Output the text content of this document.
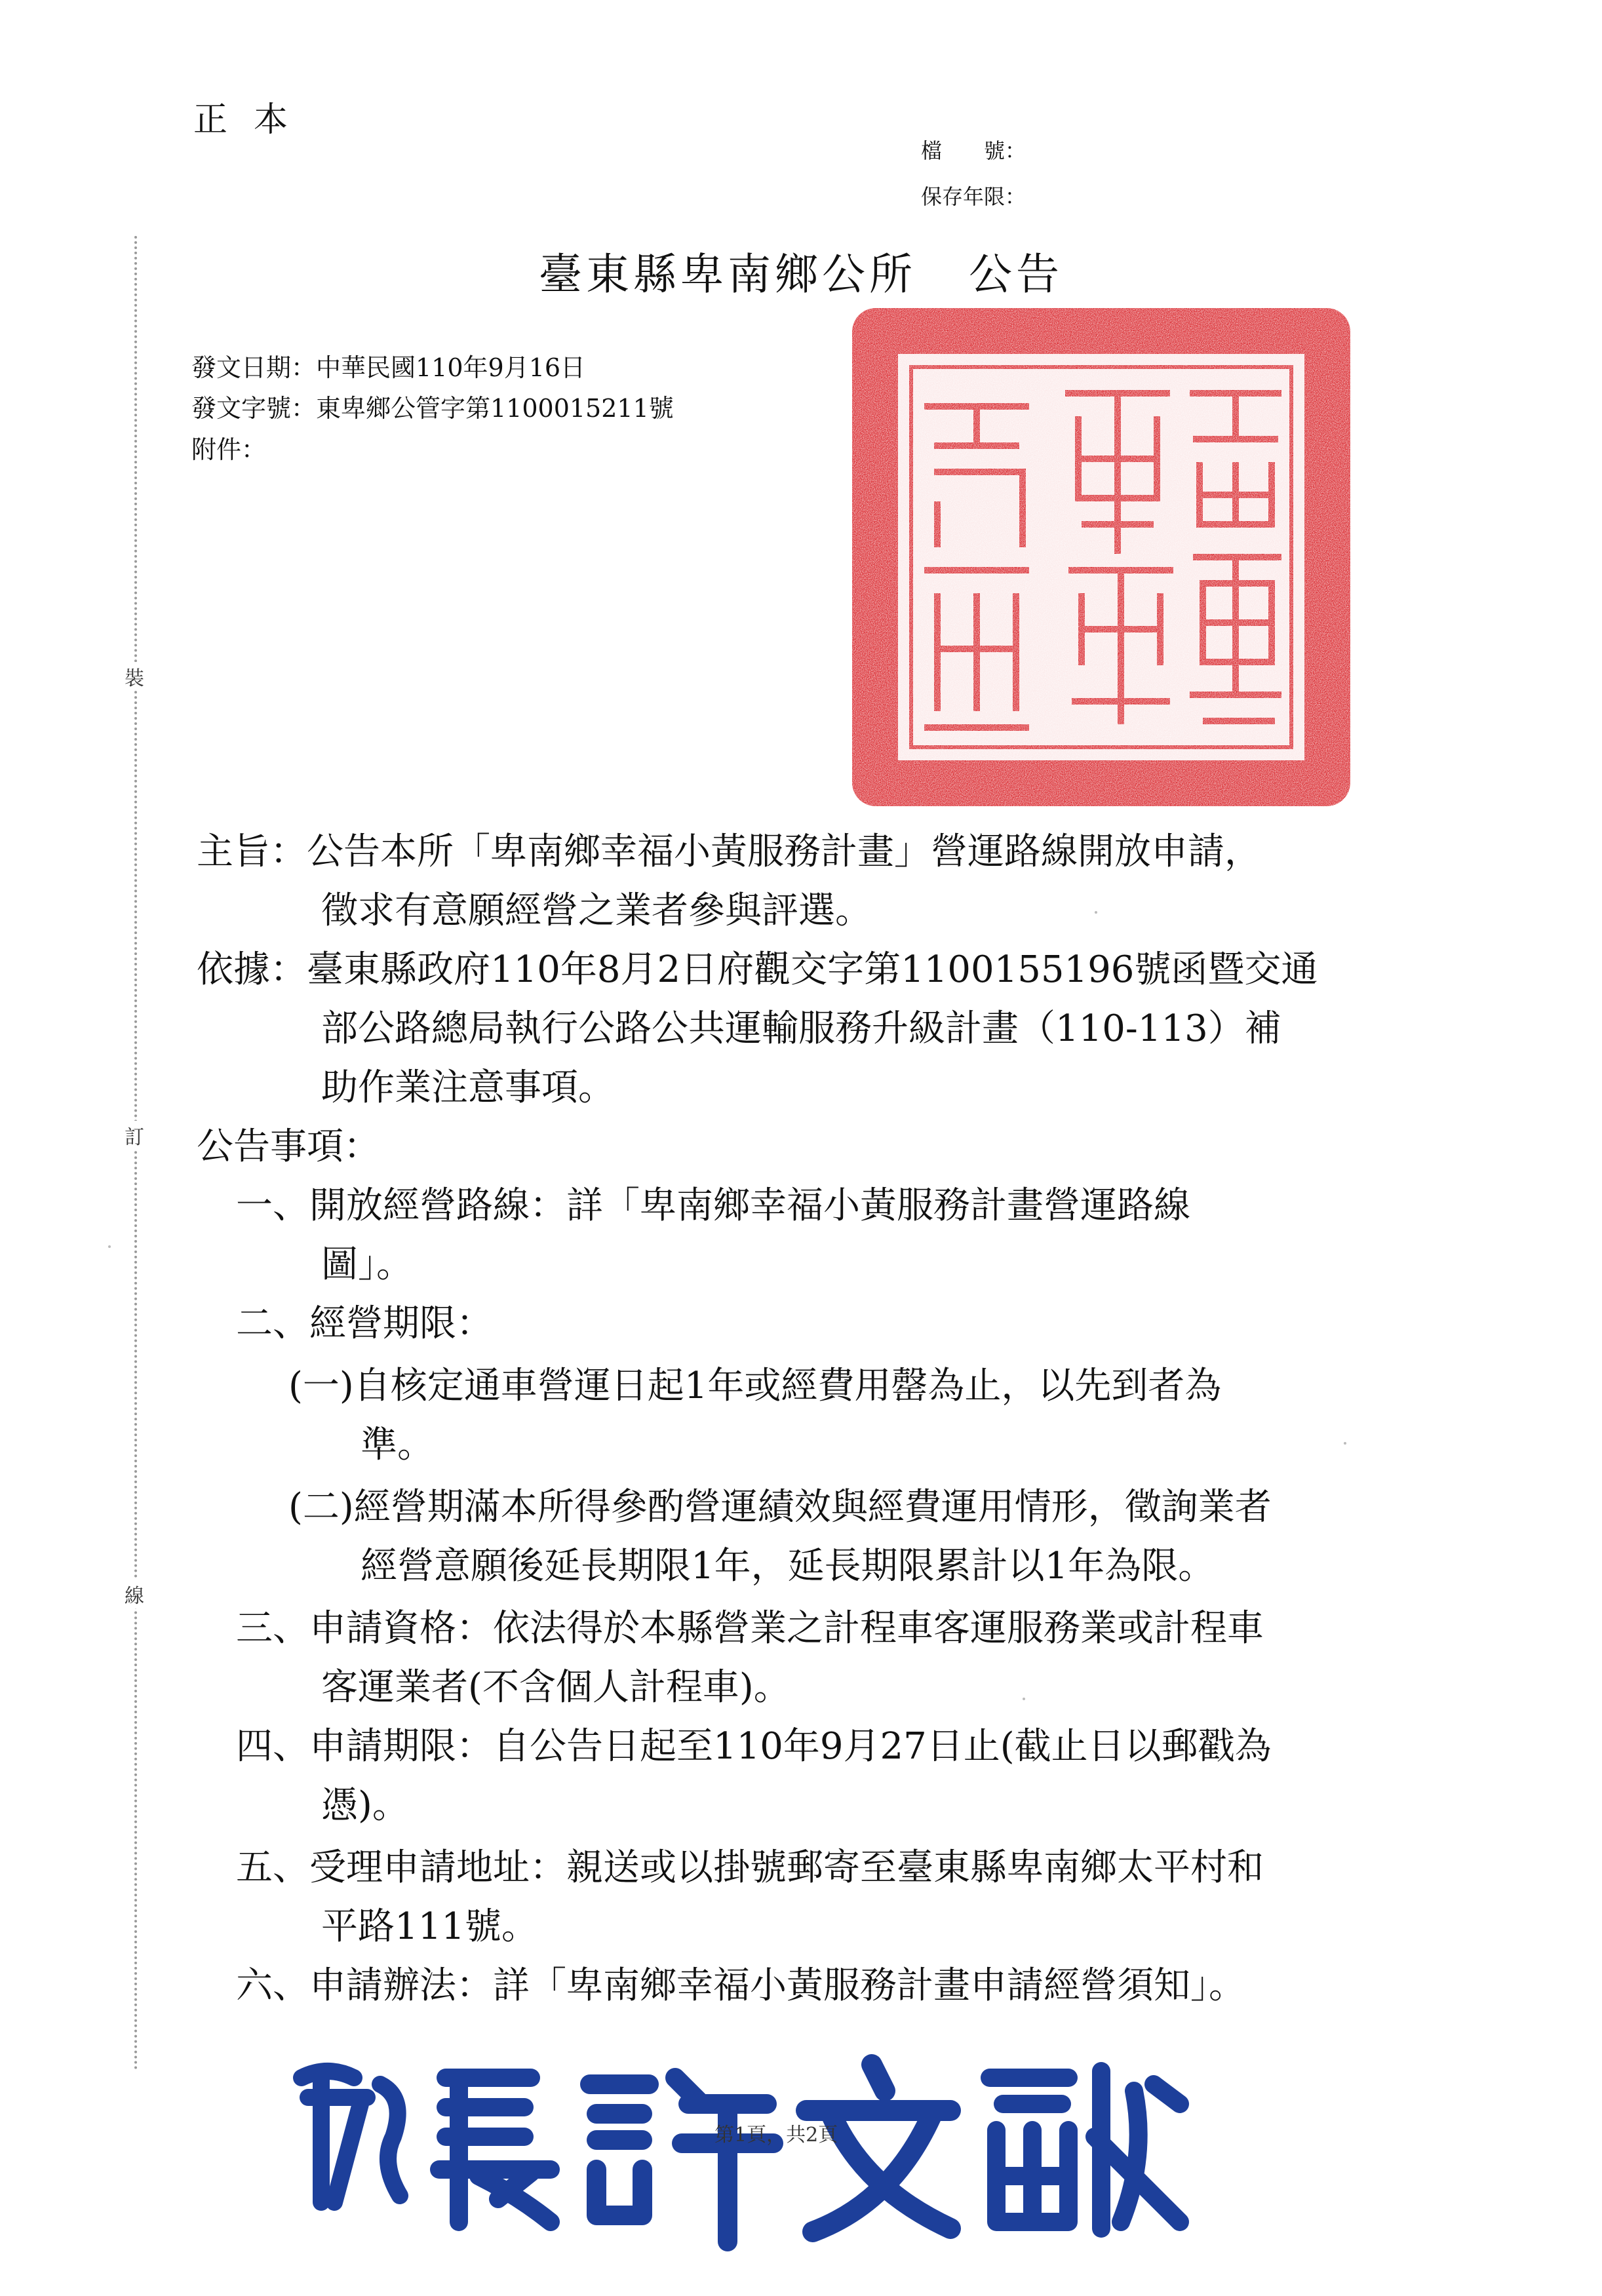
裝
訂
線
正本
檔　　號：
保存年限：
臺東縣卑南鄉公所 公告
發文日期：中華民國110年9月16日
發文字號：東卑鄉公管字第1100015211號
附件：
主旨：公告本所「卑南鄉幸福小黃服務計畫」營運路線開放申請，
徵求有意願經營之業者參與評選。
依據：臺東縣政府110年8月2日府觀交字第1100155196號函暨交通
部公路總局執行公路公共運輸服務升級計畫（110-113）補
助作業注意事項。
公告事項：
一、開放經營路線：詳「卑南鄉幸福小黃服務計畫營運路線
圖」。
二、經營期限：
(一)自核定通車營運日起1年或經費用罄為止，以先到者為
準。
(二)經營期滿本所得參酌營運績效與經費運用情形，徵詢業者
經營意願後延長期限1年，延長期限累計以1年為限。
三、申請資格：依法得於本縣營業之計程車客運服務業或計程車
客運業者(不含個人計程車)。
四、申請期限：自公告日起至110年9月27日止(截止日以郵戳為
憑)。
五、受理申請地址：親送或以掛號郵寄至臺東縣卑南鄉太平村和
平路111號。
六、申請辦法：詳「卑南鄉幸福小黃服務計畫申請經營須知」。
第1頁，共2頁
